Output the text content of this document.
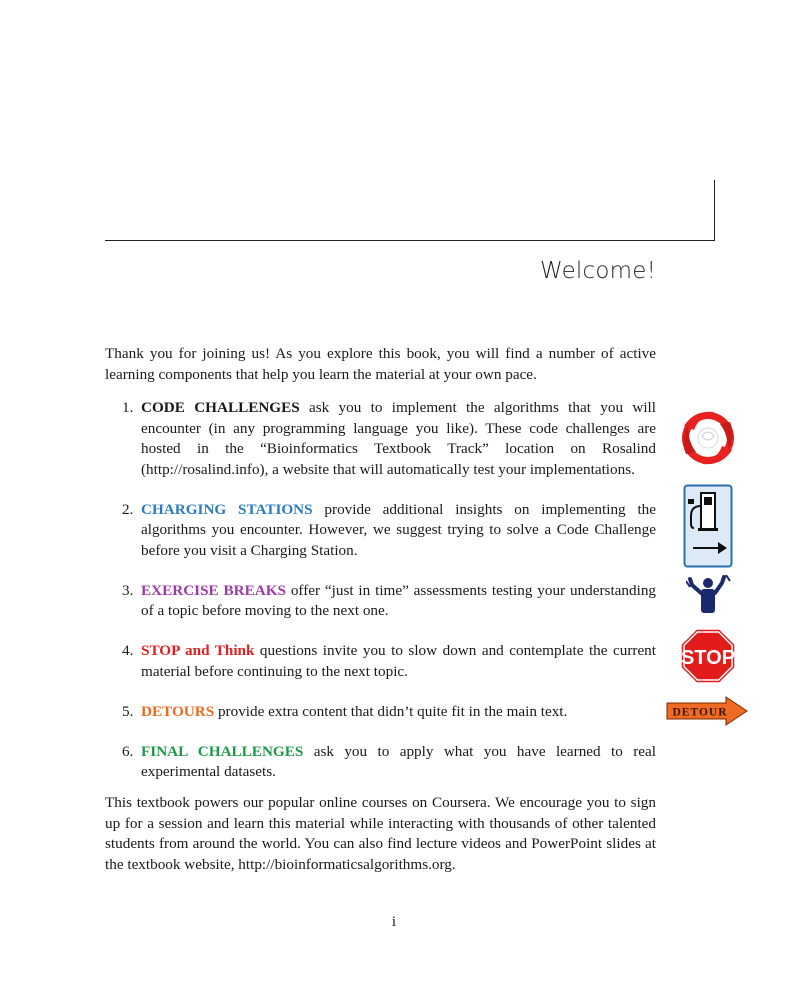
Welcome!

Thank you for joining us! As you explore this book, you will find a number of active learning components that help you learn the material at your own pace.

1. CODE CHALLENGES ask you to implement the algorithms that you will encounter (in any programming language you like). These code challenges are hosted in the “Bioinformatics Textbook Track” location on Rosalind (http://rosalind.info), a website that will automatically test your implementations.
2. CHARGING STATIONS provide additional insights on implementing the algorithms you encounter. However, we suggest trying to solve a Code Challenge before you visit a Charging Station.
3. EXERCISE BREAKS offer “just in time” assessments testing your understanding of a topic before moving to the next one.
4. STOP and Think questions invite you to slow down and contemplate the current material before continuing to the next topic.
5. DETOURS provide extra content that didn’t quite fit in the main text.
6. FINAL CHALLENGES ask you to apply what you have learned to real experimental datasets.
STOP
DETOUR

This textbook powers our popular online courses on Coursera. We encourage you to sign up for a session and learn this material while interacting with thousands of other talented students from around the world. You can also find lecture videos and PowerPoint slides at the textbook website, http://bioinformaticsalgorithms.org.

i
